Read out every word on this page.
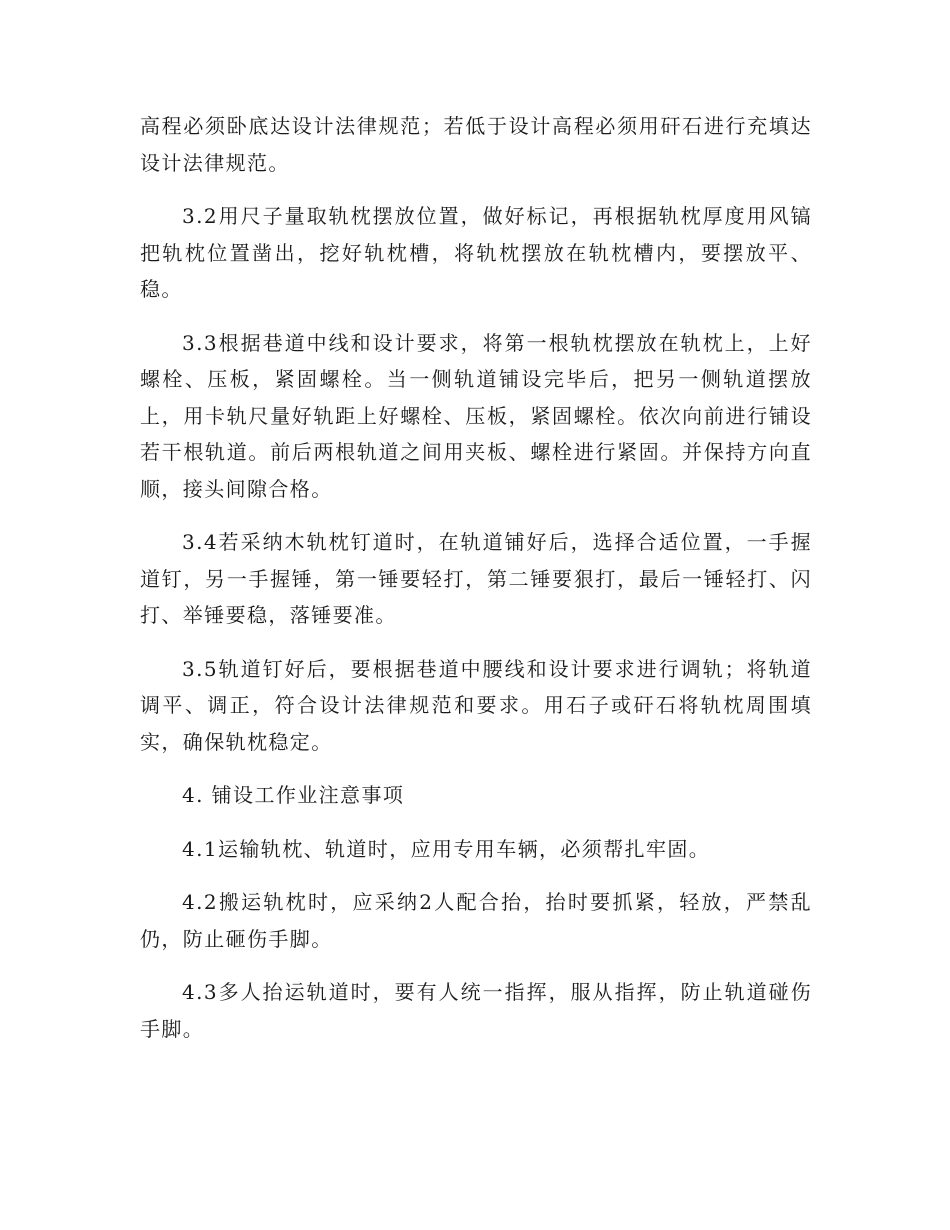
高程必须卧底达设计法律规范；若低于设计高程必须用矸石进行充填达设计法律规范。

3.2用尺子量取轨枕摆放位置，做好标记，再根据轨枕厚度用风镐把轨枕位置凿出，挖好轨枕槽，将轨枕摆放在轨枕槽内，要摆放平、稳。

3.3根据巷道中线和设计要求，将第一根轨枕摆放在轨枕上，上好螺栓、压板，紧固螺栓。当一侧轨道铺设完毕后，把另一侧轨道摆放上，用卡轨尺量好轨距上好螺栓、压板，紧固螺栓。依次向前进行铺设若干根轨道。前后两根轨道之间用夹板、螺栓进行紧固。并保持方向直顺，接头间隙合格。

3.4若采纳木轨枕钉道时，在轨道铺好后，选择合适位置，一手握道钉，另一手握锤，第一锤要轻打，第二锤要狠打，最后一锤轻打、闪打、举锤要稳，落锤要准。

3.5轨道钉好后，要根据巷道中腰线和设计要求进行调轨；将轨道调平、调正，符合设计法律规范和要求。用石子或矸石将轨枕周围填实，确保轨枕稳定。

4. 铺设工作业注意事项

4.1运输轨枕、轨道时，应用专用车辆，必须帮扎牢固。

4.2搬运轨枕时，应采纳2人配合抬，抬时要抓紧，轻放，严禁乱仍，防止砸伤手脚。

4.3多人抬运轨道时，要有人统一指挥，服从指挥，防止轨道碰伤手脚。
